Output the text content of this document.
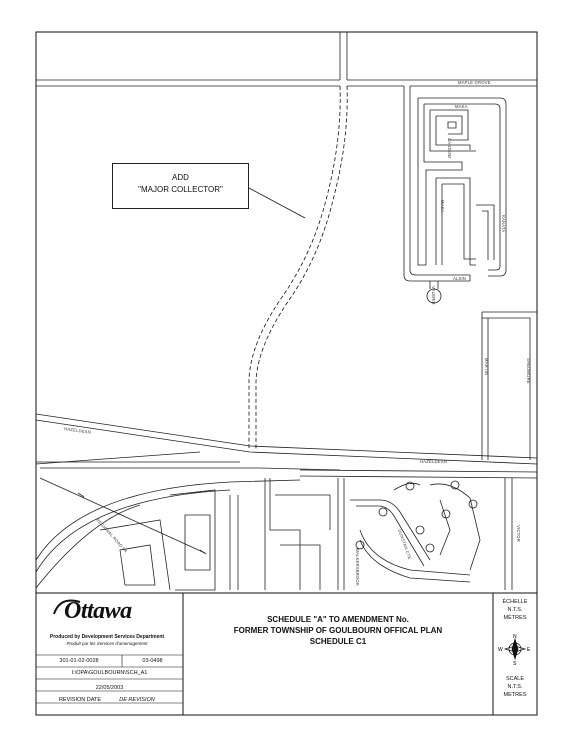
MAPLE GROVE
MAKA
CANDOW
MAKA
KANATA
ALSIN
VALERIE
MARTIN	SHEDMORE
HAZELDEAN
HAZELDEAN
REGIONAL ROAD 5A
WALKERSBROOK
DUNSTAN CTE	VICTOR
N
S
E
W
ADD
"MAJOR COLLECTOR"
Ottawa
Produced by Development Services Department
Produit par les Services d'amenagement
301-01-02-0028	03-0498
I:\OPA\GOULBOURN\SCH_A1
22/05/2003
REVISION DATE	DE REVISION
SCHEDULE "A" TO AMENDMENT No.
FORMER TOWNSHIP OF GOULBOURN OFFICAL PLAN
SCHEDULE C1
ÉCHELLE
N.T.S.
MÈTRES
SCALE
N.T.S.
METRES
